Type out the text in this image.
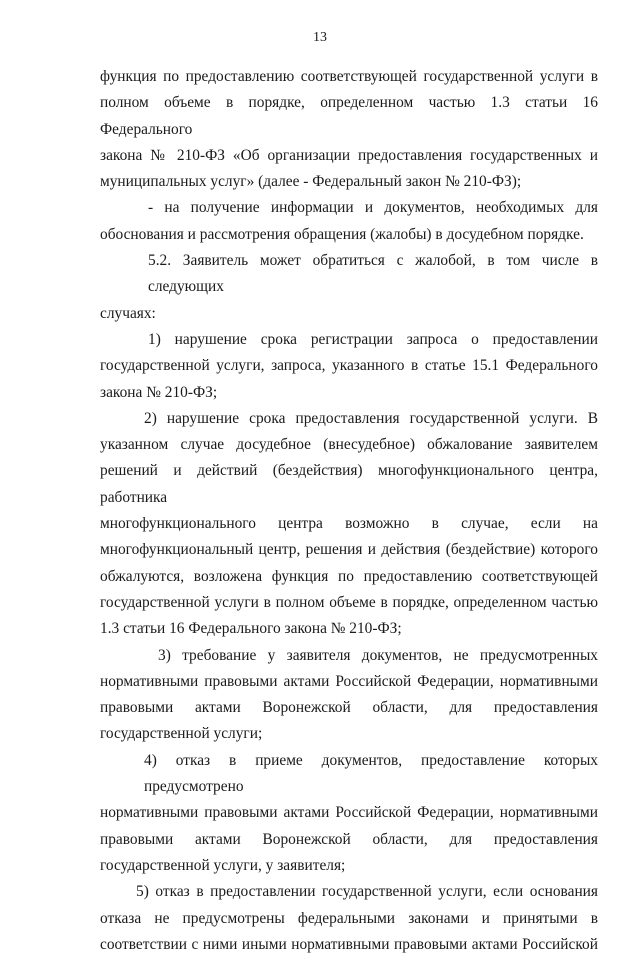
13
функция по предоставлению соответствующей государственной услуги в
полном объеме в порядке, определенном частью 1.3 статьи 16 Федерального
закона № 210-ФЗ «Об организации предоставления государственных и
муниципальных услуг» (далее - Федеральный закон № 210-ФЗ);
- на получение информации и документов, необходимых для
обоснования и рассмотрения обращения (жалобы) в досудебном порядке.
5.2. Заявитель может обратиться с жалобой, в том числе в следующих
случаях:
1) нарушение срока регистрации запроса о предоставлении
государственной услуги, запроса, указанного в статье 15.1 Федерального
закона № 210-ФЗ;
2) нарушение срока предоставления государственной услуги. В
указанном случае досудебное (внесудебное) обжалование заявителем
решений и действий (бездействия) многофункционального центра, работника
многофункционального центра возможно в случае, если на
многофункциональный центр, решения и действия (бездействие) которого
обжалуются, возложена функция по предоставлению соответствующей
государственной услуги в полном объеме в порядке, определенном частью
1.3 статьи 16 Федерального закона № 210-ФЗ;
3) требование у заявителя документов, не предусмотренных
нормативными правовыми актами Российской Федерации, нормативными
правовыми актами Воронежской области, для предоставления
государственной услуги;
4) отказ в приеме документов, предоставление которых предусмотрено
нормативными правовыми актами Российской Федерации, нормативными
правовыми актами Воронежской области, для предоставления
государственной услуги, у заявителя;
5) отказ в предоставлении государственной услуги, если основания
отказа не предусмотрены федеральными законами и принятыми в
соответствии с ними иными нормативными правовыми актами Российской
